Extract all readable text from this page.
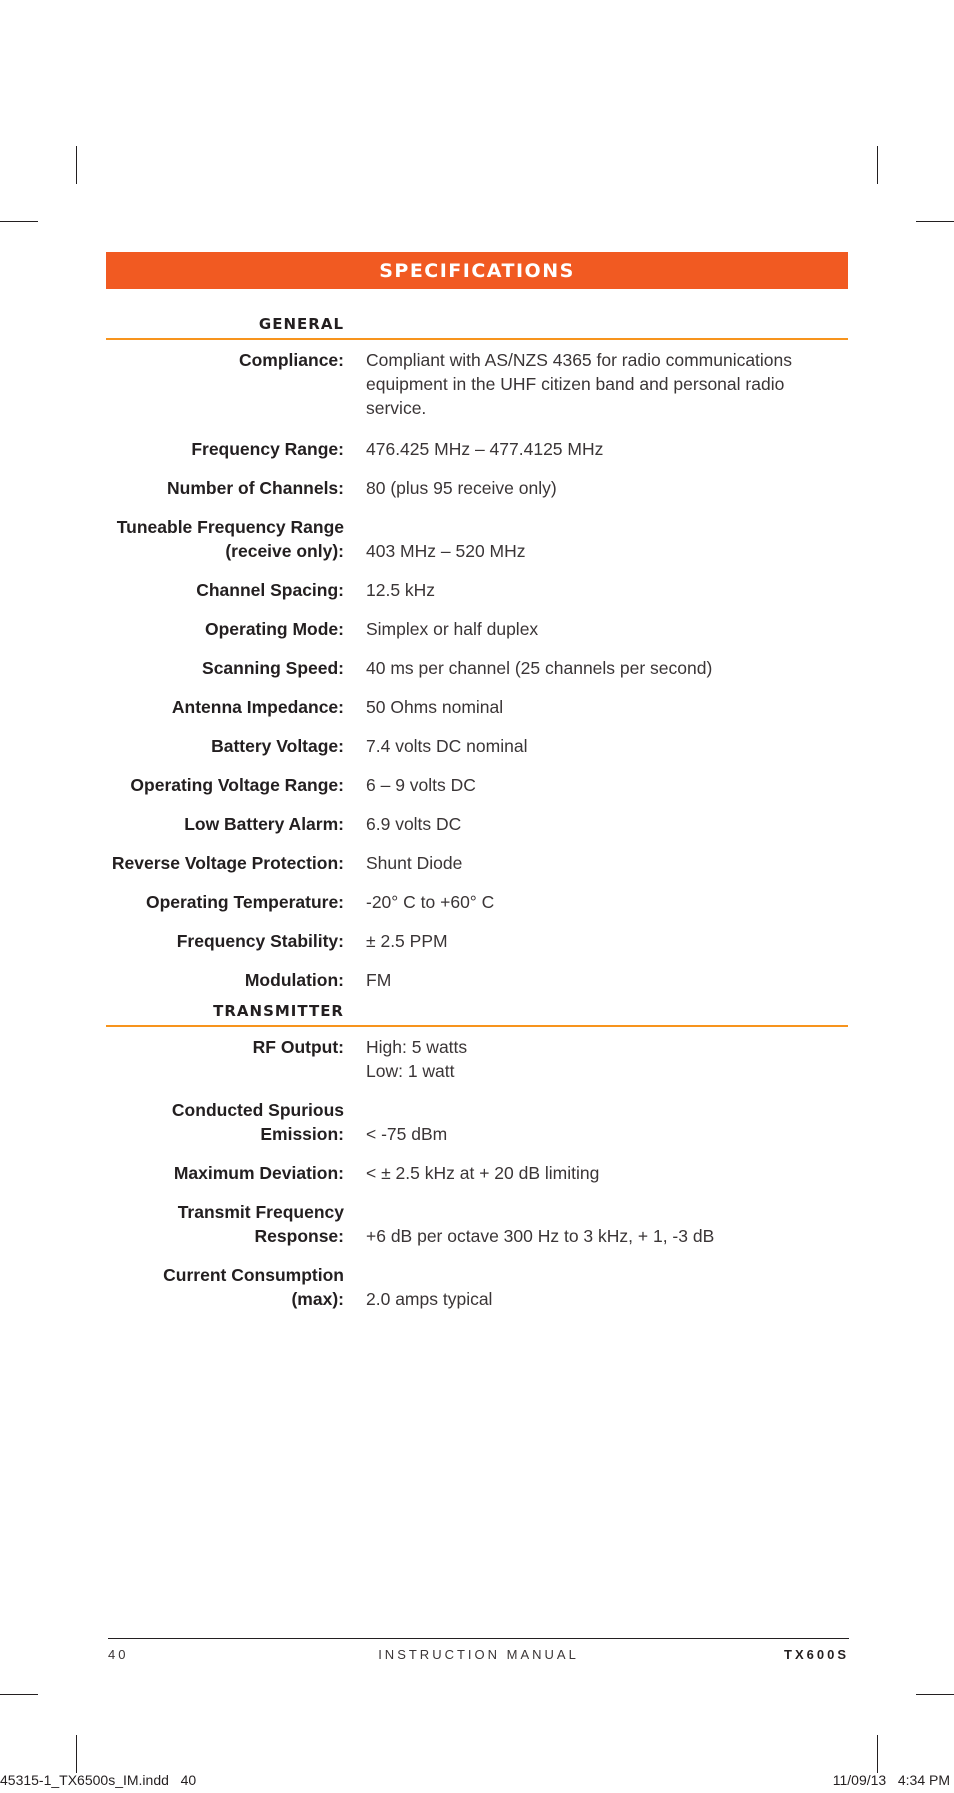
SPECIFICATIONS
GENERAL
Compliance: Compliant with AS/NZS 4365 for radio communications equipment in the UHF citizen band and personal radio service.
Frequency Range: 476.425 MHz – 477.4125 MHz
Number of Channels: 80 (plus 95 receive only)
Tuneable Frequency Range (receive only): 403 MHz – 520 MHz
Channel Spacing: 12.5 kHz
Operating Mode: Simplex or half duplex
Scanning Speed: 40 ms per channel (25 channels per second)
Antenna Impedance: 50 Ohms nominal
Battery Voltage: 7.4 volts DC nominal
Operating Voltage Range: 6 – 9 volts DC
Low Battery Alarm: 6.9 volts DC
Reverse Voltage Protection: Shunt Diode
Operating Temperature: -20° C to +60° C
Frequency Stability: ± 2.5 PPM
Modulation: FM
TRANSMITTER
RF Output: High: 5 watts
Low: 1 watt
Conducted Spurious Emission: < -75 dBm
Maximum Deviation: < ± 2.5 kHz at + 20 dB limiting
Transmit Frequency Response: +6 dB per octave 300 Hz to 3 kHz, + 1, -3 dB
Current Consumption (max): 2.0 amps typical
40	INSTRUCTION MANUAL	TX600S
45315-1_TX6500s_IM.indd   40	11/09/13   4:34 PM
